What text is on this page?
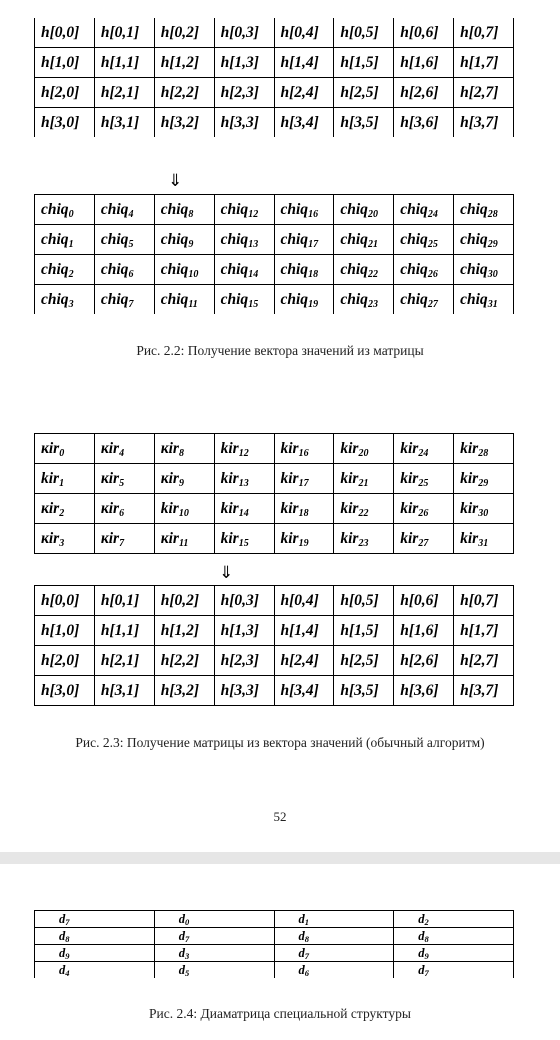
h[0,0]	h[0,1]	h[0,2]	h[0,3]	h[0,4]	h[0,5]	h[0,6]	h[0,7]
h[1,0]	h[1,1]	h[1,2]	h[1,3]	h[1,4]	h[1,5]	h[1,6]	h[1,7]
h[2,0]	h[2,1]	h[2,2]	h[2,3]	h[2,4]	h[2,5]	h[2,6]	h[2,7]
h[3,0]	h[3,1]	h[3,2]	h[3,3]	h[3,4]	h[3,5]	h[3,6]	h[3,7]
⇓
chiq$_0$	chiq$_4$	chiq$_8$	chiq$_{12}$	chiq$_{16}$	chiq$_{20}$	chiq$_{24}$	chiq$_{28}$
chiq$_1$	chiq$_5$	chiq$_9$	chiq$_{13}$	chiq$_{17}$	chiq$_{21}$	chiq$_{25}$	chiq$_{29}$
chiq$_2$	chiq$_6$	chiq$_{10}$	chiq$_{14}$	chiq$_{18}$	chiq$_{22}$	chiq$_{26}$	chiq$_{30}$
chiq$_3$	chiq$_7$	chiq$_{11}$	chiq$_{15}$	chiq$_{19}$	chiq$_{23}$	chiq$_{27}$	chiq$_{31}$
Рис. 2.2: Получение вектора значений из матрицы
кir$_0$	кir$_4$	кir$_8$	kir$_{12}$	kir$_{16}$	kir$_{20}$	kir$_{24}$	kir$_{28}$
kir$_1$	кir$_5$	кir$_9$	kir$_{13}$	kir$_{17}$	kir$_{21}$	kir$_{25}$	kir$_{29}$
кir$_2$	кir$_6$	kir$_{10}$	kir$_{14}$	kir$_{18}$	kir$_{22}$	kir$_{26}$	kir$_{30}$
кir$_3$	кir$_7$	кir$_{11}$	kir$_{15}$	kir$_{19}$	kir$_{23}$	kir$_{27}$	kir$_{31}$
⇓
h[0,0]	h[0,1]	h[0,2]	h[0,3]	h[0,4]	h[0,5]	h[0,6]	h[0,7]
h[1,0]	h[1,1]	h[1,2]	h[1,3]	h[1,4]	h[1,5]	h[1,6]	h[1,7]
h[2,0]	h[2,1]	h[2,2]	h[2,3]	h[2,4]	h[2,5]	h[2,6]	h[2,7]
h[3,0]	h[3,1]	h[3,2]	h[3,3]	h[3,4]	h[3,5]	h[3,6]	h[3,7]
Рис. 2.3: Получение матрицы из вектора значений (обычный алгоритм)
52
$d_7$	$d_0$	$d_1$	$d_2$
$d_8$	$d_7$	$d_8$	$d_8$
$d_9$	$d_3$	$d_7$	$d_9$
$d_4$	$d_5$	$d_6$	$d_7$
Рис. 2.4: Диаматрица специальной структуры
